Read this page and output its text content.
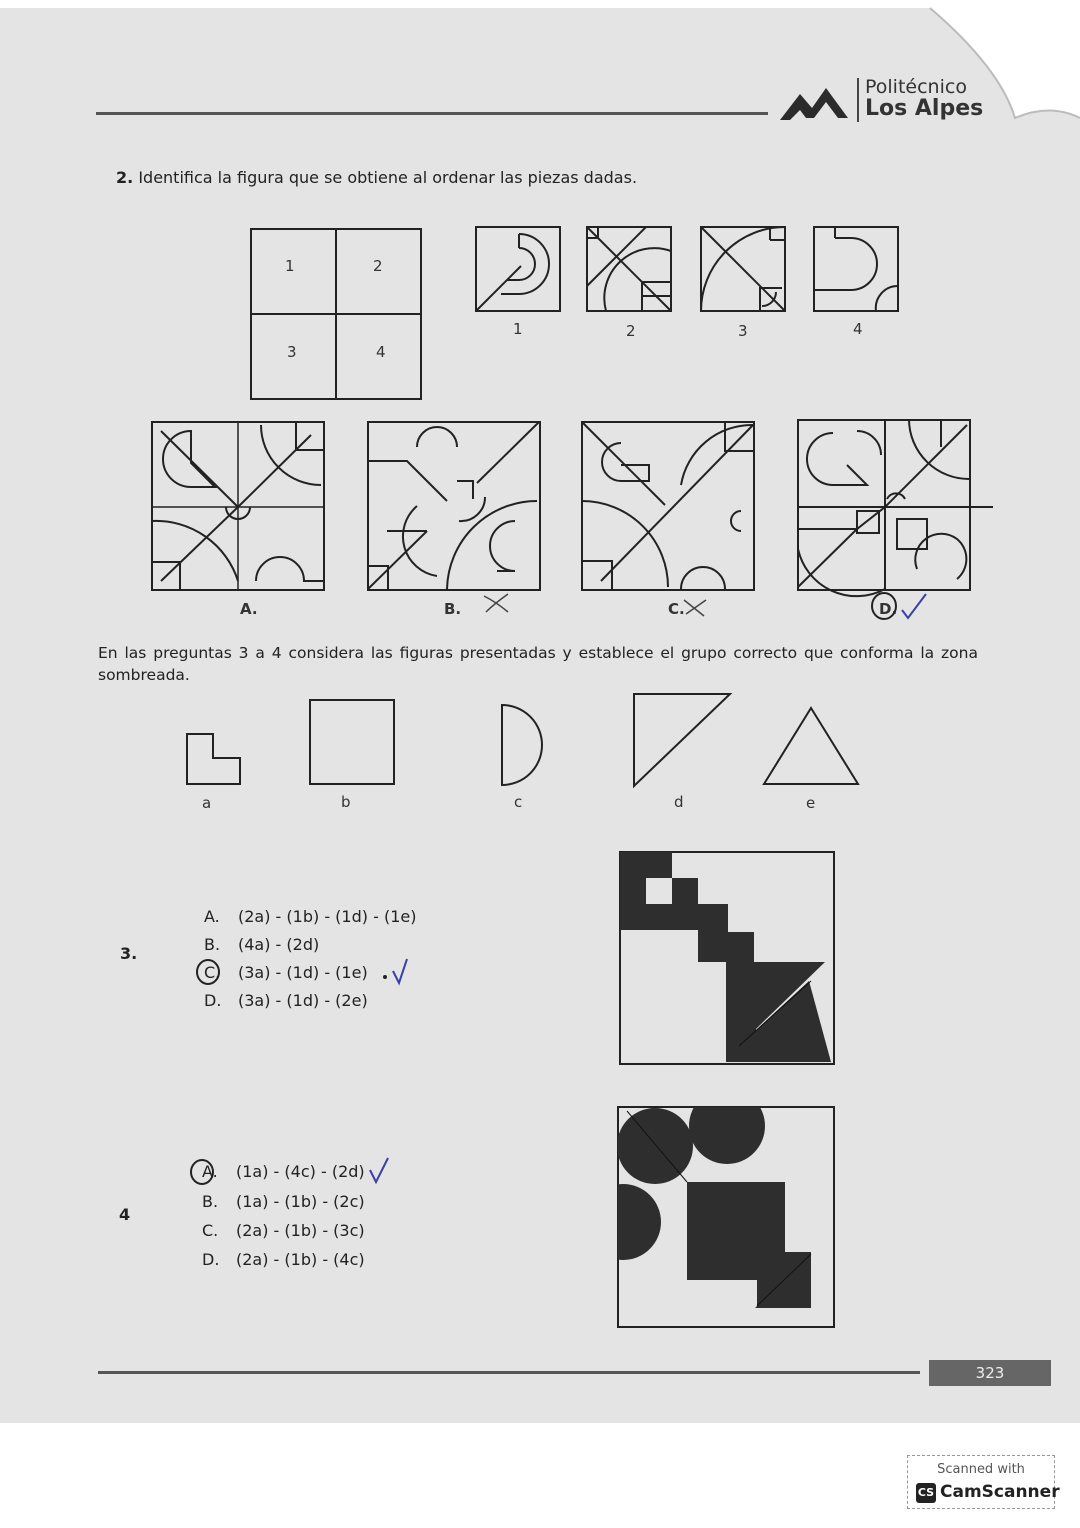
Politécnico
Los Alpes
2. Identifica la figura que se obtiene al ordenar las piezas dadas.
1	2
3	4
1	2	3	4
A.	B.	C.	D.
En las preguntas 3 a 4 considera las figuras presentadas y establece el grupo correcto que conforma la zona sombreada.
a	b	c	d	e
3.
A. (2a) - (1b) - (1d) - (1e)
B. (4a) - (2d)
C. (3a) - (1d) - (1e)
D. (3a) - (1d) - (2e)
4
A. (1a) - (4c) - (2d)
B. (1a) - (1b) - (2c)
C. (2a) - (1b) - (3c)
D. (2a) - (1b) - (4c)
323
Scanned with
CS CamScanner
